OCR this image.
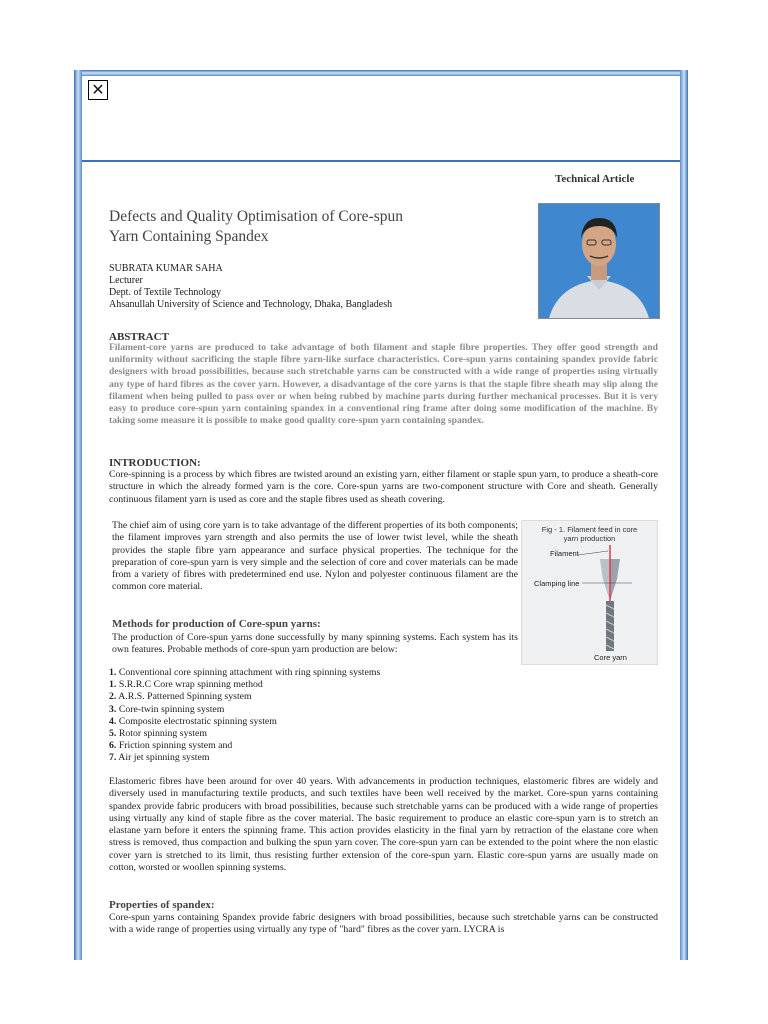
✕
Technical Article
Defects and Quality Optimisation of Core-spun
Yarn Containing Spandex
SUBRATA KUMAR SAHA
Lecturer
Dept. of Textile Technology
Ahsanullah University of Science and Technology, Dhaka, Bangladesh
ABSTRACT
Filament-core yarns are produced to take advantage of both filament and staple fibre properties. They offer good strength and uniformity without sacrificing the staple fibre yarn-like surface characteristics. Core-spun yarns containing spandex provide fabric designers with broad possibilities, because such stretchable yarns can be constructed with a wide range of properties using virtually any type of hard fibres as the cover yarn. However, a disadvantage of the core yarns is that the staple fibre sheath may slip along the filament when being pulled to pass over or when being rubbed by machine parts during further mechanical processes. But it is very easy to produce core-spun yarn containing spandex in a conventional ring frame after doing some modification of the machine. By taking some measure it is possible to make good quality core-spun yarn containing spandex.
INTRODUCTION:
Core-spinning is a process by which fibres are twisted around an existing yarn, either filament or staple spun yarn, to produce a sheath-core structure in which the already formed yarn is the core. Core-spun yarns are two-component structure with Core and sheath. Generally continuous filament yarn is used as core and the staple fibres used as sheath covering.
The chief aim of using core yarn is to take advantage of the different properties of its both components; the filament improves yarn strength and also permits the use of lower twist level, while the sheath provides the staple fibre yarn appearance and surface physical properties. The technique for the preparation of core-spun yarn is very simple and the selection of core and cover materials can be made from a variety of fibres with predetermined end use. Nylon and polyester continuous filament are the common core material.
Fig - 1. Filament feed in core
yarn production
Filament
Clamping line
Core yarn
Methods for production of Core-spun yarns:
The production of Core-spun yarns done successfully by many spinning systems. Each system has its own features. Probable methods of core-spun yarn production are below:
1. Conventional core spinning attachment with ring spinning systems
1. S.R.R.C Core wrap spinning method
2. A.R.S. Patterned Spinning system
3. Core-twin spinning system
4. Composite electrostatic spinning system
5. Rotor spinning system
6. Friction spinning system and
7. Air jet spinning system
Elastomeric fibres have been around for over 40 years. With advancements in production techniques, elastomeric fibres are widely and diversely used in manufacturing textile products, and such textiles have been well received by the market. Core-spun yarns containing spandex provide fabric producers with broad possibilities, because such stretchable yarns can be produced with a wide range of properties using virtually any kind of staple fibre as the cover material. The basic requirement to produce an elastic core-spun yarn is to stretch an elastane yarn before it enters the spinning frame. This action provides elasticity in the final yarn by retraction of the elastane core when stress is removed, thus compaction and bulking the spun yarn cover. The core-spun yarn can be extended to the point where the non elastic cover yarn is stretched to its limit, thus resisting further extension of the core-spun yarn. Elastic core-spun yarns are usually made on cotton, worsted or woollen spinning systems.
Properties of spandex:
Core-spun yarns containing Spandex provide fabric designers with broad possibilities, because such stretchable yarns can be constructed with a wide range of properties using virtually any type of "hard" fibres as the cover yarn. LYCRA is
